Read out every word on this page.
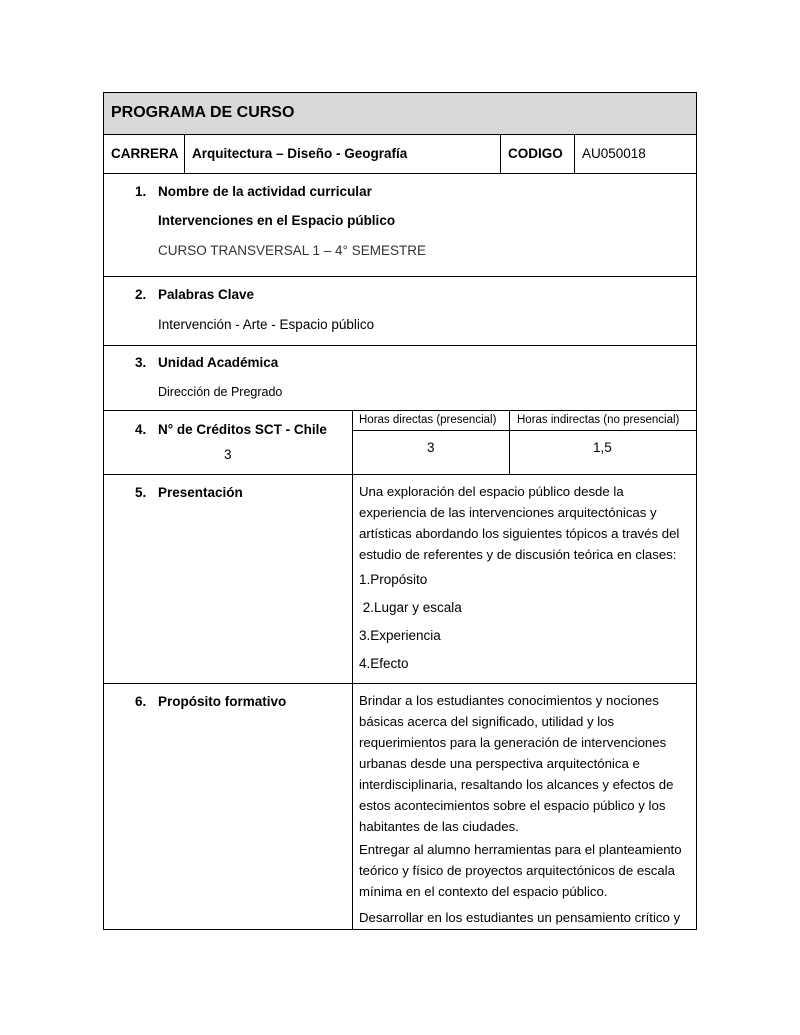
PROGRAMA DE CURSO
CARRERA Arquitectura – Diseño - Geografía	CODIGO AU050018
1. Nombre de la actividad curricular
Intervenciones en el Espacio público
CURSO TRANSVERSAL 1 – 4° SEMESTRE
2. Palabras Clave
Intervención - Arte - Espacio público
3. Unidad Académica
Dirección de Pregrado
4. N° de Créditos SCT - Chile
3
Horas directas (presencial) Horas indirectas (no presencial)
3	1,5
5. Presentación	Una exploración del espacio público desde la
experiencia de las intervenciones arquitectónicas y
artísticas abordando los siguientes tópicos a través del
estudio de referentes y de discusión teórica en clases:
1.Propósito
2.Lugar y escala
3.Experiencia
4.Efecto
6. Propósito formativo	Brindar a los estudiantes conocimientos y nociones
básicas acerca del significado, utilidad y los
requerimientos para la generación de intervenciones
urbanas desde una perspectiva arquitectónica e
interdisciplinaria, resaltando los alcances y efectos de
estos acontecimientos sobre el espacio público y los
habitantes de las ciudades.
Entregar al alumno herramientas para el planteamiento
teórico y físico de proyectos arquitectónicos de escala
mínima en el contexto del espacio público.
Desarrollar en los estudiantes un pensamiento crítico y
